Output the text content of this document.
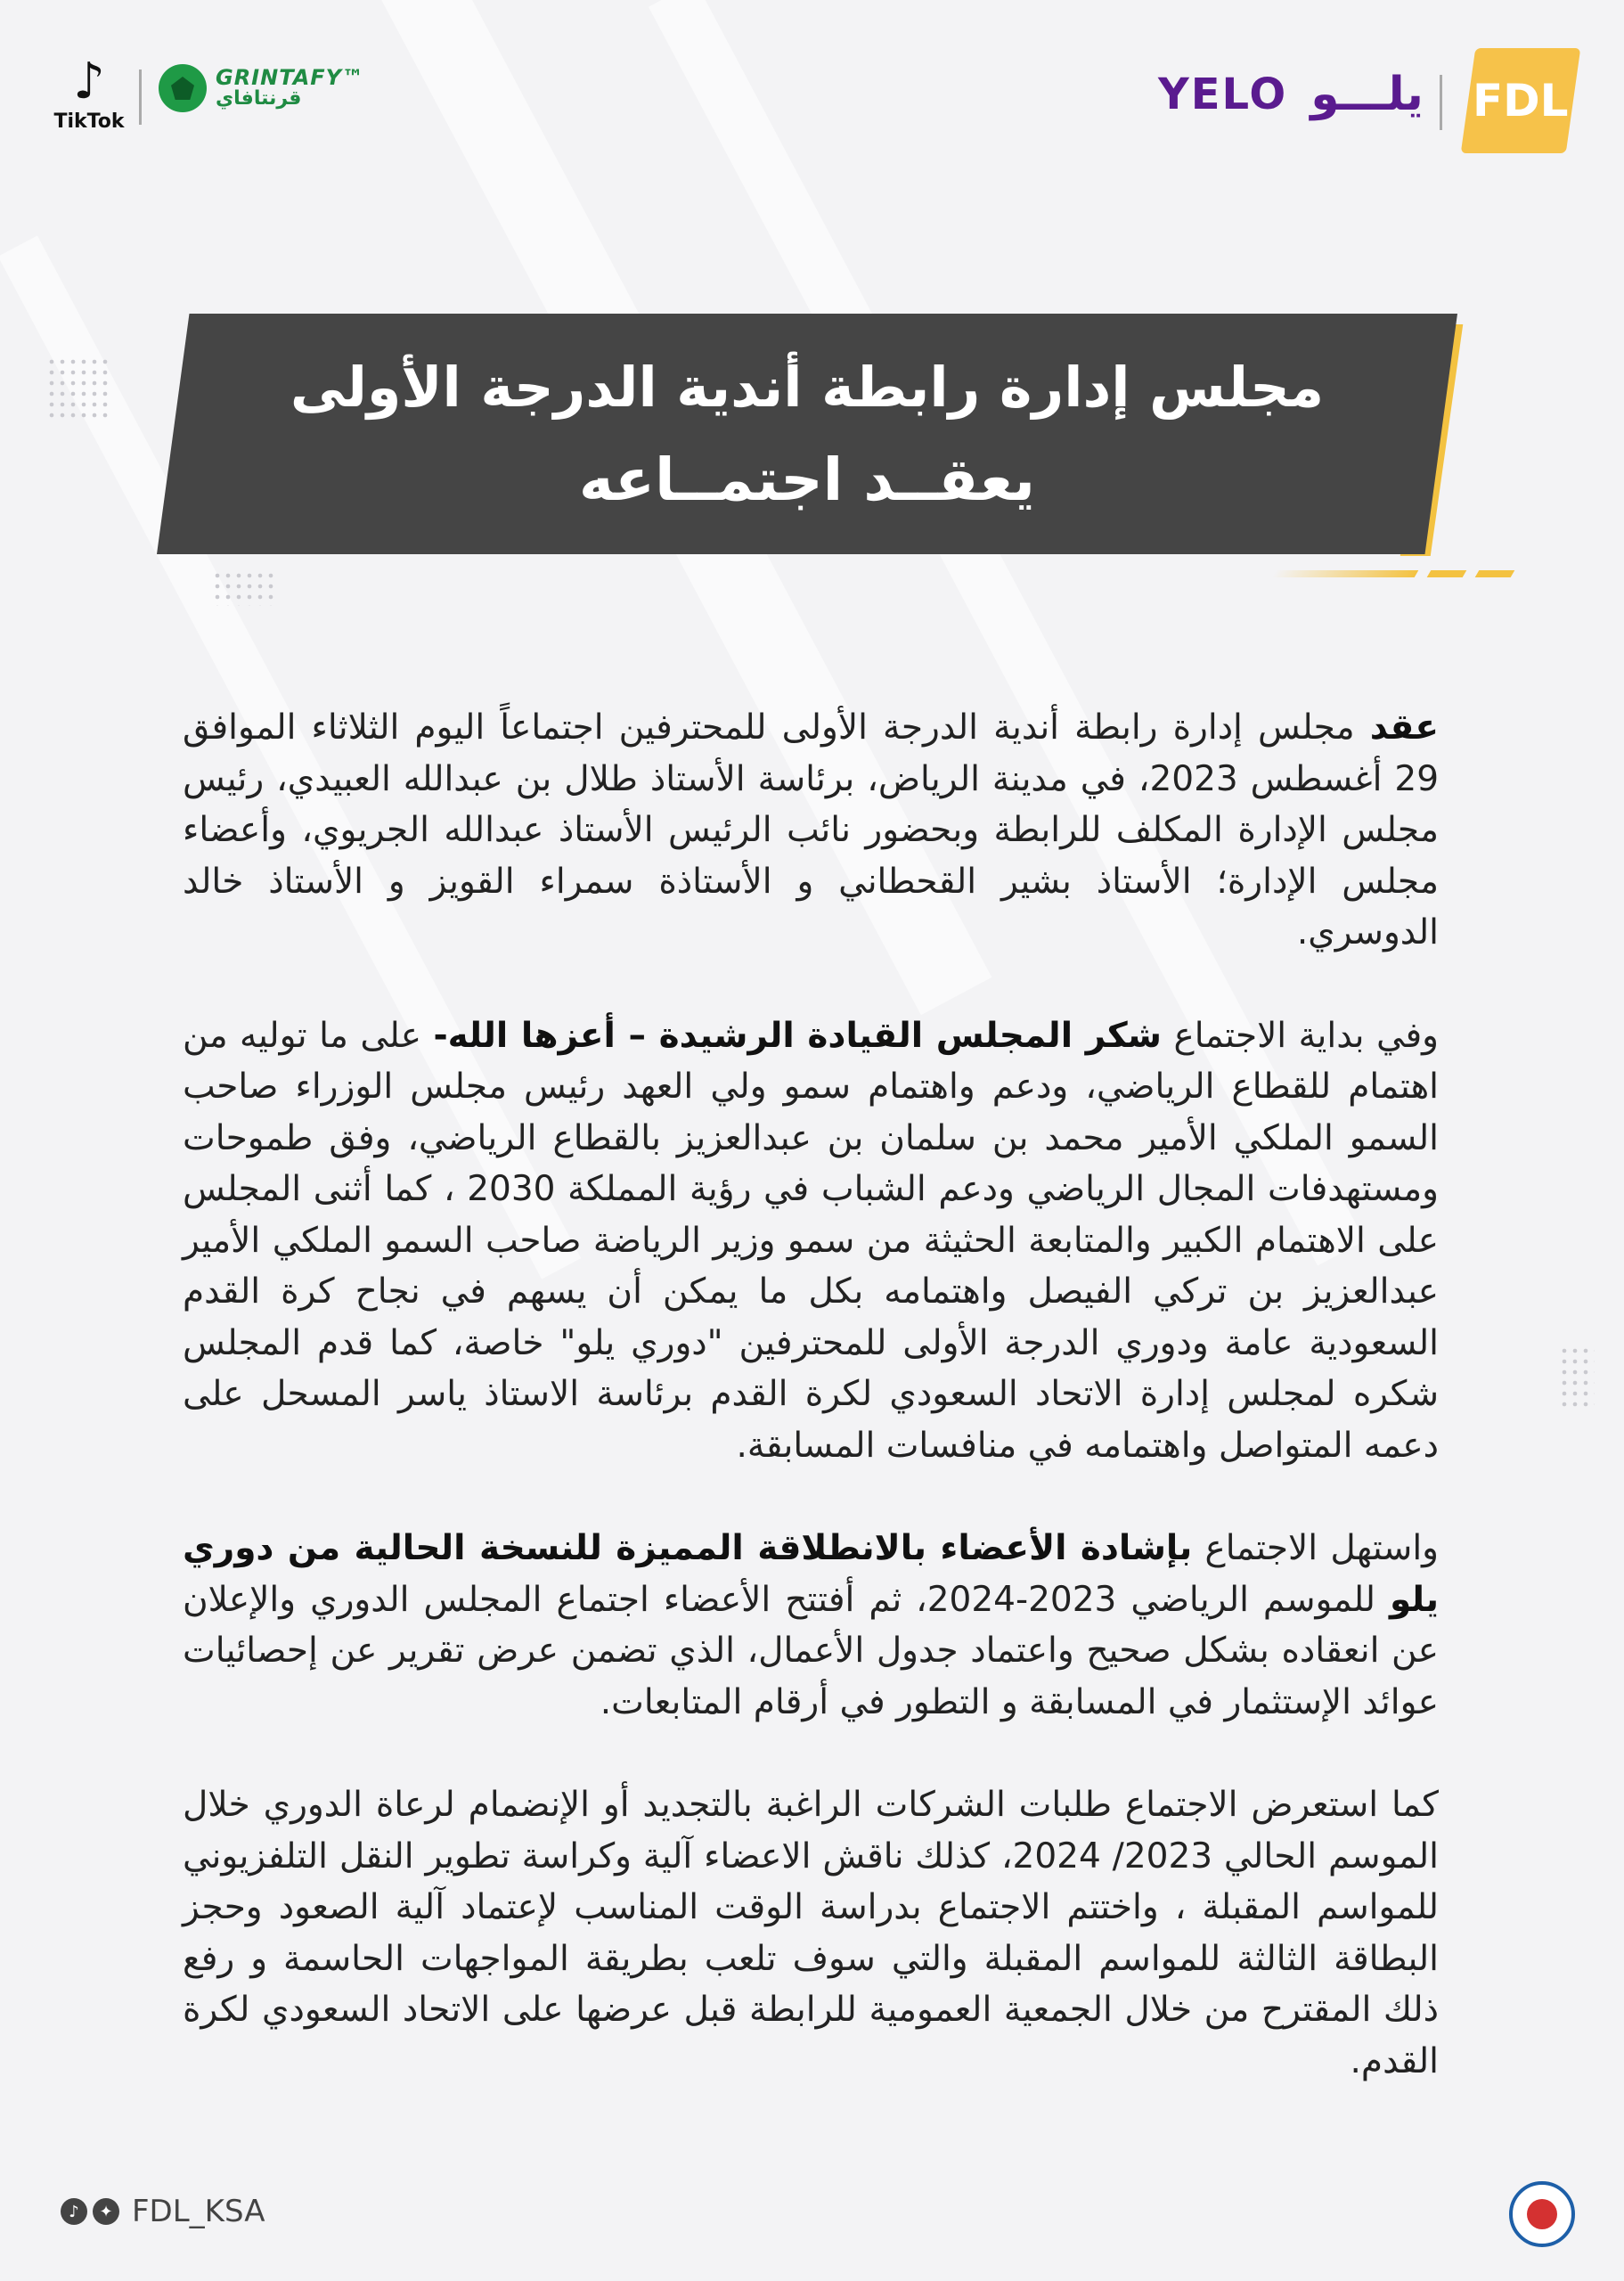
♪
TikTok
GRINTAFY™
قرنتافاي	YELO يلـــو FDL
مجلس إدارة رابطة أندية الدرجة الأولى
يعقــد اجتمــاعه

عقد مجلس إدارة رابطة أندية الدرجة الأولى للمحترفين اجتماعاً اليوم الثلاثاء الموافق 29 أغسطس 2023، في مدينة الرياض، برئاسة الأستاذ طلال بن عبدالله العبيدي، رئيس مجلس الإدارة المكلف للرابطة وبحضور نائب الرئيس الأستاذ عبدالله الجريوي، وأعضاء مجلس الإدارة؛ الأستاذ بشير القحطاني و الأستاذة سمراء القويز و الأستاذ خالد الدوسري.

وفي بداية الاجتماع شكر المجلس القيادة الرشيدة – أعزها الله- على ما توليه من اهتمام للقطاع الرياضي، ودعم واهتمام سمو ولي العهد رئيس مجلس الوزراء صاحب السمو الملكي الأمير محمد بن سلمان بن عبدالعزيز بالقطاع الرياضي، وفق طموحات ومستهدفات المجال الرياضي ودعم الشباب في رؤية المملكة 2030 ، كما أثنى المجلس على الاهتمام الكبير والمتابعة الحثيثة من سمو وزير الرياضة صاحب السمو الملكي الأمير عبدالعزيز بن تركي الفيصل واهتمامه بكل ما يمكن أن يسهم في نجاح كرة القدم السعودية عامة ودوري الدرجة الأولى للمحترفين "دوري يلو" خاصة، كما قدم المجلس شكره لمجلس إدارة الاتحاد السعودي لكرة القدم برئاسة الاستاذ ياسر المسحل على دعمه المتواصل واهتمامه في منافسات المسابقة.

واستهل الاجتماع بإشادة الأعضاء بالانطلاقة المميزة للنسخة الحالية من دوري يلو للموسم الرياضي 2023-2024، ثم أفتتح الأعضاء اجتماع المجلس الدوري والإعلان عن انعقاده بشكل صحيح واعتماد جدول الأعمال، الذي تضمن عرض تقرير عن إحصائيات عوائد الإستثمار في المسابقة و التطور في أرقام المتابعات.

كما استعرض الاجتماع طلبات الشركات الراغبة بالتجديد أو الإنضمام لرعاة الدوري خلال الموسم الحالي 2023/ 2024، كذلك ناقش الاعضاء آلية وكراسة تطوير النقل التلفزيوني للمواسم المقبلة ، واختتم الاجتماع بدراسة الوقت المناسب لإعتماد آلية الصعود وحجز البطاقة الثالثة للمواسم المقبلة والتي سوف تلعب بطريقة المواجهات الحاسمة و رفع ذلك المقترح من خلال الجمعية العمومية للرابطة قبل عرضها على الاتحاد السعودي لكرة القدم.

♪	✦ FDL_KSA
